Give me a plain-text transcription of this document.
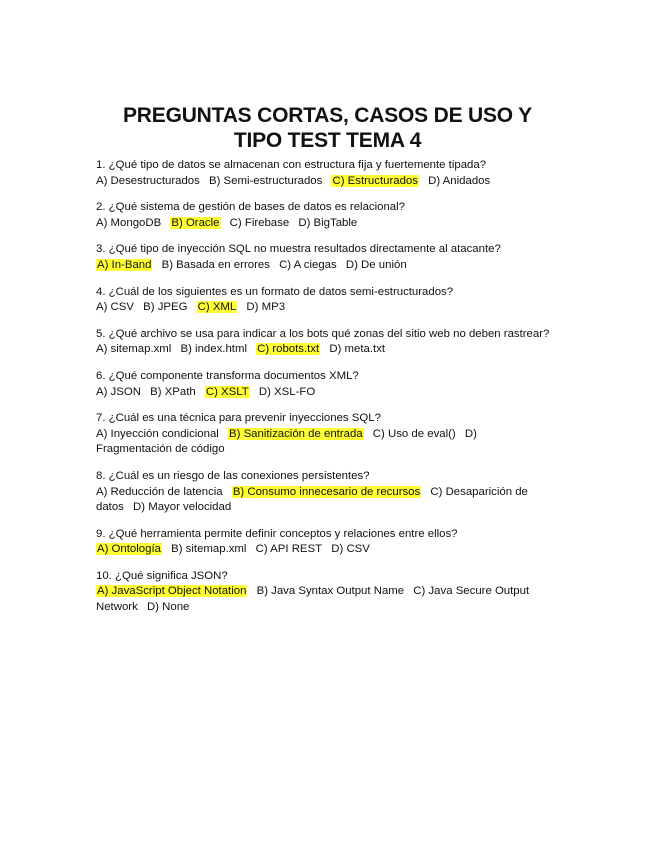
PREGUNTAS CORTAS, CASOS DE USO Y
TIPO TEST TEMA 4
1. ¿Qué tipo de datos se almacenan con estructura fija y fuertemente tipada?
A) Desestructurados B) Semi-estructurados C) Estructurados D) Anidados
2. ¿Qué sistema de gestión de bases de datos es relacional?
A) MongoDB B) Oracle C) Firebase D) BigTable
3. ¿Qué tipo de inyección SQL no muestra resultados directamente al atacante?
A) In-Band B) Basada en errores C) A ciegas D) De unión
4. ¿Cuál de los siguientes es un formato de datos semi-estructurados?
A) CSV B) JPEG C) XML D) MP3
5. ¿Qué archivo se usa para indicar a los bots qué zonas del sitio web no deben rastrear?
A) sitemap.xml B) index.html C) robots.txt D) meta.txt
6. ¿Qué componente transforma documentos XML?
A) JSON B) XPath C) XSLT D) XSL-FO
7. ¿Cuál es una técnica para prevenir inyecciones SQL?
A) Inyección condicional B) Sanitización de entrada C) Uso de eval() D) Fragmentación de código
8. ¿Cuál es un riesgo de las conexiones persistentes?
A) Reducción de latencia B) Consumo innecesario de recursos C) Desaparición de datos D) Mayor velocidad
9. ¿Qué herramienta permite definir conceptos y relaciones entre ellos?
A) Ontología B) sitemap.xml C) API REST D) CSV
10. ¿Qué significa JSON?
A) JavaScript Object Notation B) Java Syntax Output Name C) Java Secure Output Network D) None
